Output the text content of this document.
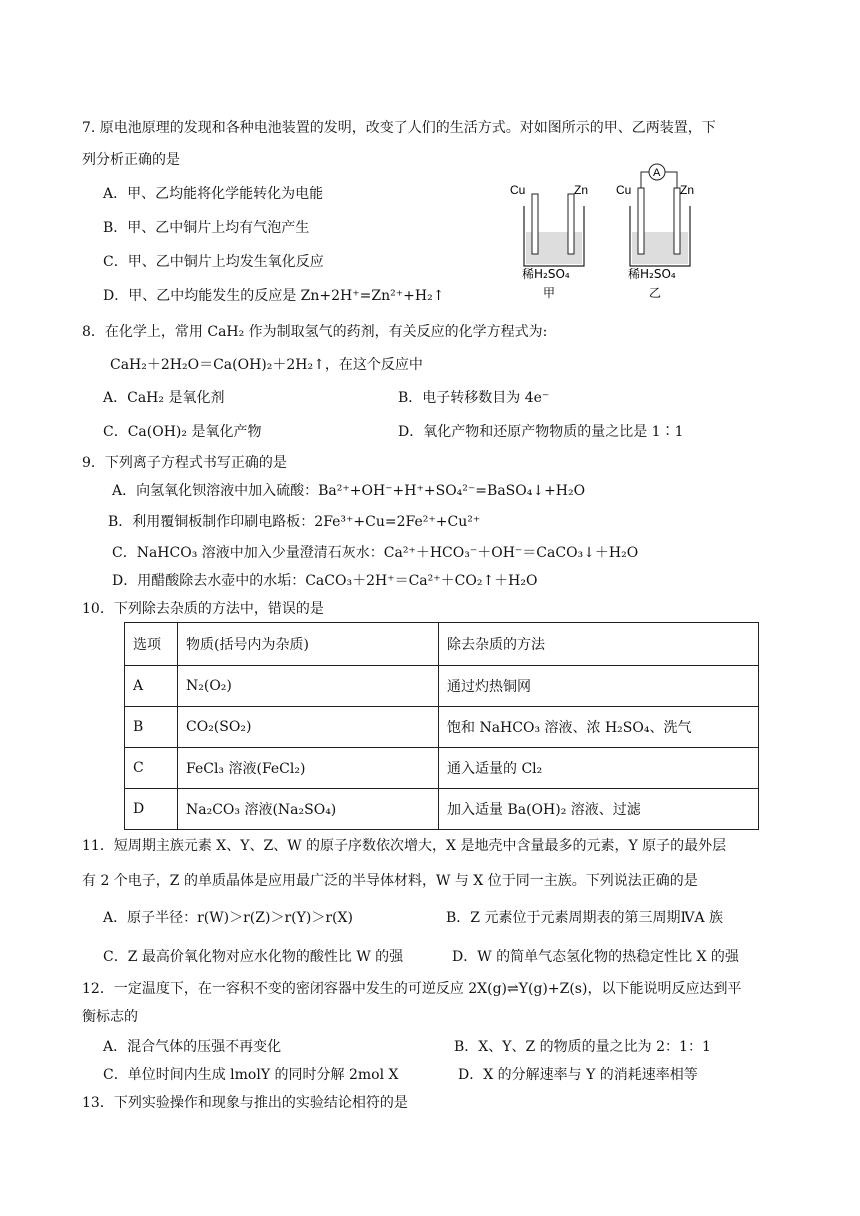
7. 原电池原理的发现和各种电池装置的发明，改变了人们的生活方式。对如图所示的甲、乙两装置，下
列分析正确的是
A．甲、乙均能将化学能转化为电能
B．甲、乙中铜片上均有气泡产生
C．甲、乙中铜片上均发生氧化反应
D．甲、乙中均能发生的反应是 Zn+2H⁺=Zn²⁺+H₂↑
Cu	Zn
稀H₂SO₄
甲
A
Cu	Zn
稀H₂SO₄
乙
8．在化学上，常用 CaH₂ 作为制取氢气的药剂，有关反应的化学方程式为:
CaH₂＋2H₂O＝Ca(OH)₂＋2H₂↑，在这个反应中
A．CaH₂ 是氧化剂	B．电子转移数目为 4e⁻
C．Ca(OH)₂ 是氧化产物	D．氧化产物和还原产物物质的量之比是 1∶1
9．下列离子方程式书写正确的是
A．向氢氧化钡溶液中加入硫酸：Ba²⁺+OH⁻+H⁺+SO₄²⁻=BaSO₄↓+H₂O
B．利用覆铜板制作印刷电路板：2Fe³⁺+Cu=2Fe²⁺+Cu²⁺
C．NaHCO₃ 溶液中加入少量澄清石灰水：Ca²⁺＋HCO₃⁻＋OH⁻＝CaCO₃↓＋H₂O
D．用醋酸除去水壶中的水垢：CaCO₃＋2H⁺＝Ca²⁺＋CO₂↑＋H₂O
10．下列除去杂质的方法中，错误的是
选项	物质(括号内为杂质)	除去杂质的方法
A	N₂(O₂)	通过灼热铜网
B	CO₂(SO₂)	饱和 NaHCO₃ 溶液、浓 H₂SO₄、洗气
C	FeCl₃ 溶液(FeCl₂)	通入适量的 Cl₂
D	Na₂CO₃ 溶液(Na₂SO₄)	加入适量 Ba(OH)₂ 溶液、过滤
11．短周期主族元素 X、Y、Z、W 的原子序数依次增大，X 是地壳中含量最多的元素，Y 原子的最外层
有 2 个电子，Z 的单质晶体是应用最广泛的半导体材料，W 与 X 位于同一主族。下列说法正确的是
A．原子半径：r(W)＞r(Z)＞r(Y)＞r(X)	B．Z 元素位于元素周期表的第三周期ⅣA 族
C．Z 最高价氧化物对应水化物的酸性比 W 的强	D．W 的简单气态氢化物的热稳定性比 X 的强
12．一定温度下，在一容积不变的密闭容器中发生的可逆反应 2X(g)⇌Y(g)+Z(s)，以下能说明反应达到平
衡标志的
A．混合气体的压强不再变化	B．X、Y、Z 的物质的量之比为 2：1：1
C．单位时间内生成 lmolY 的同时分解 2mol X	D．X 的分解速率与 Y 的消耗速率相等
13．下列实验操作和现象与推出的实验结论相符的是
